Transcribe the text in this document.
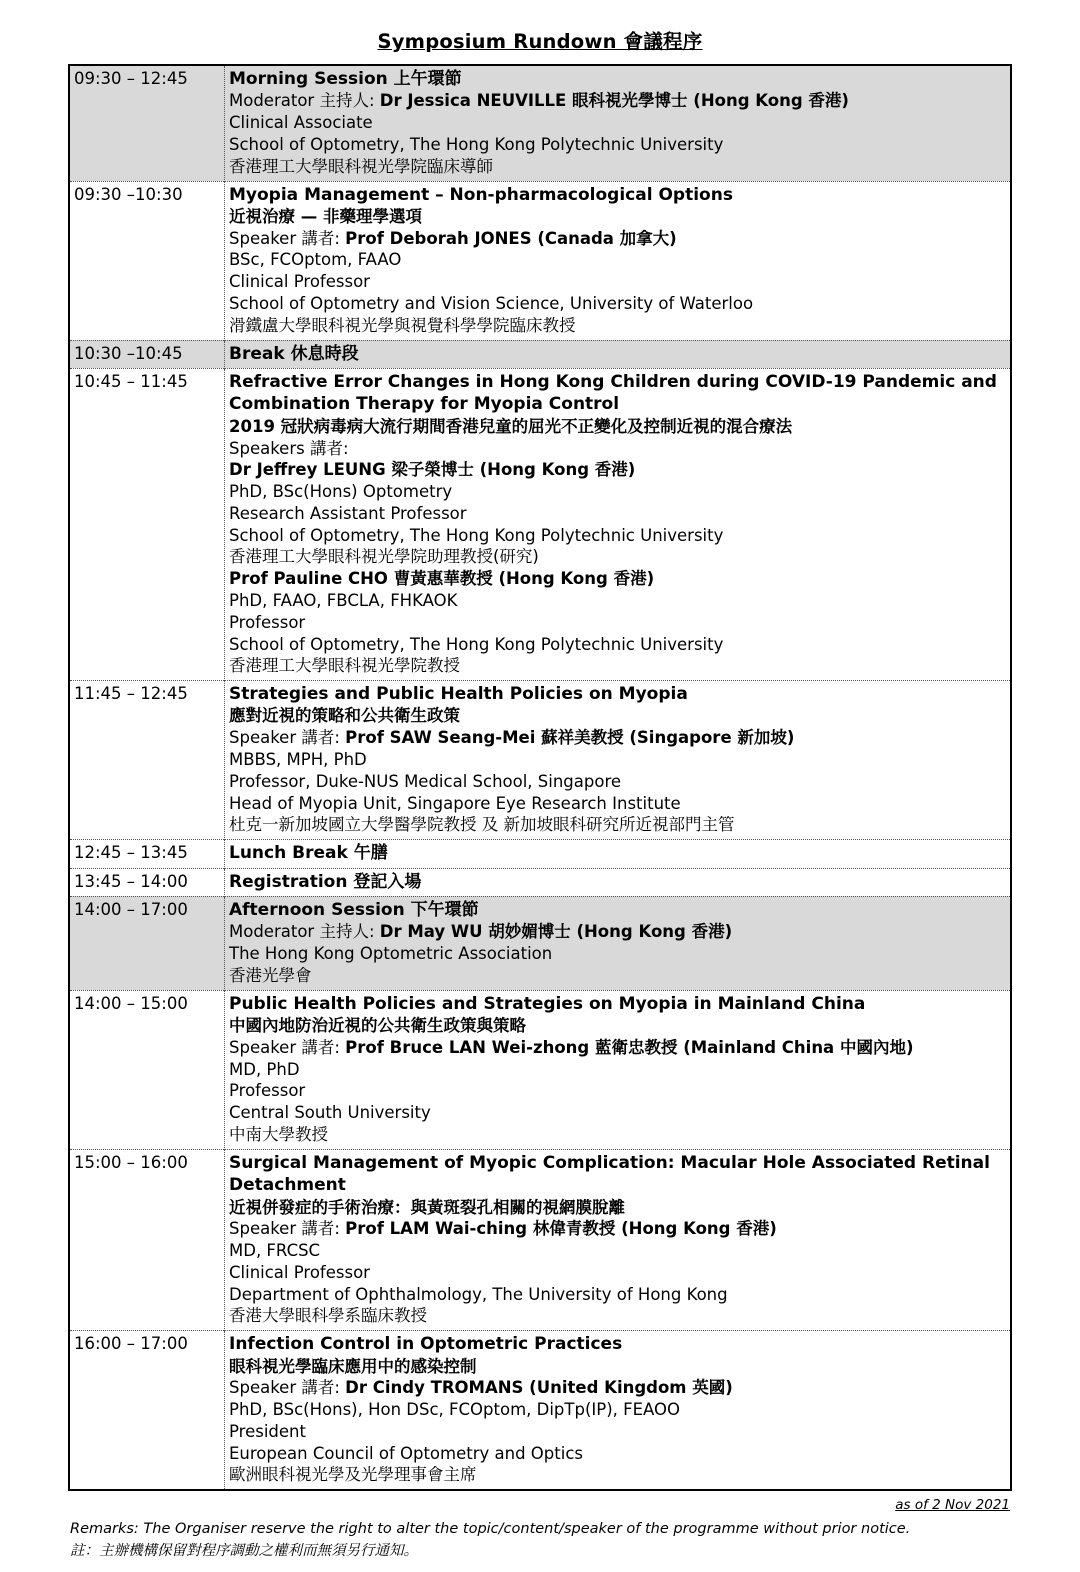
Symposium Rundown 會議程序
09:30 – 12:45	Morning Session 上午環節
Moderator 主持人: Dr Jessica NEUVILLE 眼科視光學博士 (Hong Kong 香港)
Clinical Associate
School of Optometry, The Hong Kong Polytechnic University
香港理工大學眼科視光學院臨床導師

09:30 –10:30	Myopia Management – Non-pharmacological Options
近視治療 — 非藥理學選項
Speaker 講者: Prof Deborah JONES (Canada 加拿大)
BSc, FCOptom, FAAO
Clinical Professor
School of Optometry and Vision Science, University of Waterloo
滑鐵盧大學眼科視光學與視覺科學學院臨床教授

10:30 –10:45	Break 休息時段

10:45 – 11:45	Refractive Error Changes in Hong Kong Children during COVID-19 Pandemic and Combination Therapy for Myopia Control
2019 冠狀病毒病大流行期間香港兒童的屈光不正變化及控制近視的混合療法
Speakers 講者:
Dr Jeffrey LEUNG 梁子榮博士 (Hong Kong 香港)
PhD, BSc(Hons) Optometry
Research Assistant Professor
School of Optometry, The Hong Kong Polytechnic University
香港理工大學眼科視光學院助理教授(研究)
Prof Pauline CHO 曹黃惠華教授 (Hong Kong 香港)
PhD, FAAO, FBCLA, FHKAOK
Professor
School of Optometry, The Hong Kong Polytechnic University
香港理工大學眼科視光學院教授

11:45 – 12:45	Strategies and Public Health Policies on Myopia
應對近視的策略和公共衛生政策
Speaker 講者: Prof SAW Seang-Mei 蘇祥美教授 (Singapore 新加坡)
MBBS, MPH, PhD
Professor, Duke-NUS Medical School, Singapore
Head of Myopia Unit, Singapore Eye Research Institute
杜克一新加坡國立大學醫學院教授 及 新加坡眼科研究所近視部門主管

12:45 – 13:45	Lunch Break 午膳

13:45 – 14:00	Registration 登記入場

14:00 – 17:00	Afternoon Session 下午環節
Moderator 主持人: Dr May WU 胡妙媚博士 (Hong Kong 香港)
The Hong Kong Optometric Association
香港光學會

14:00 – 15:00	Public Health Policies and Strategies on Myopia in Mainland China
中國內地防治近視的公共衛生政策與策略
Speaker 講者: Prof Bruce LAN Wei-zhong 藍衛忠教授 (Mainland China 中國內地)
MD, PhD
Professor
Central South University
中南大學教授

15:00 – 16:00	Surgical Management of Myopic Complication: Macular Hole Associated Retinal Detachment
近視併發症的手術治療：與黃斑裂孔相關的視網膜脫離
Speaker 講者: Prof LAM Wai-ching 林偉青教授 (Hong Kong 香港)
MD, FRCSC
Clinical Professor
Department of Ophthalmology, The University of Hong Kong
香港大學眼科學系臨床教授

16:00 – 17:00	Infection Control in Optometric Practices
眼科視光學臨床應用中的感染控制
Speaker 講者: Dr Cindy TROMANS (United Kingdom 英國)
PhD, BSc(Hons), Hon DSc, FCOptom, DipTp(IP), FEAOO
President
European Council of Optometry and Optics
歐洲眼科視光學及光學理事會主席
as of 2 Nov 2021
Remarks: The Organiser reserve the right to alter the topic/content/speaker of the programme without prior notice.
註：主辦機構保留對程序調動之權利而無須另行通知。
